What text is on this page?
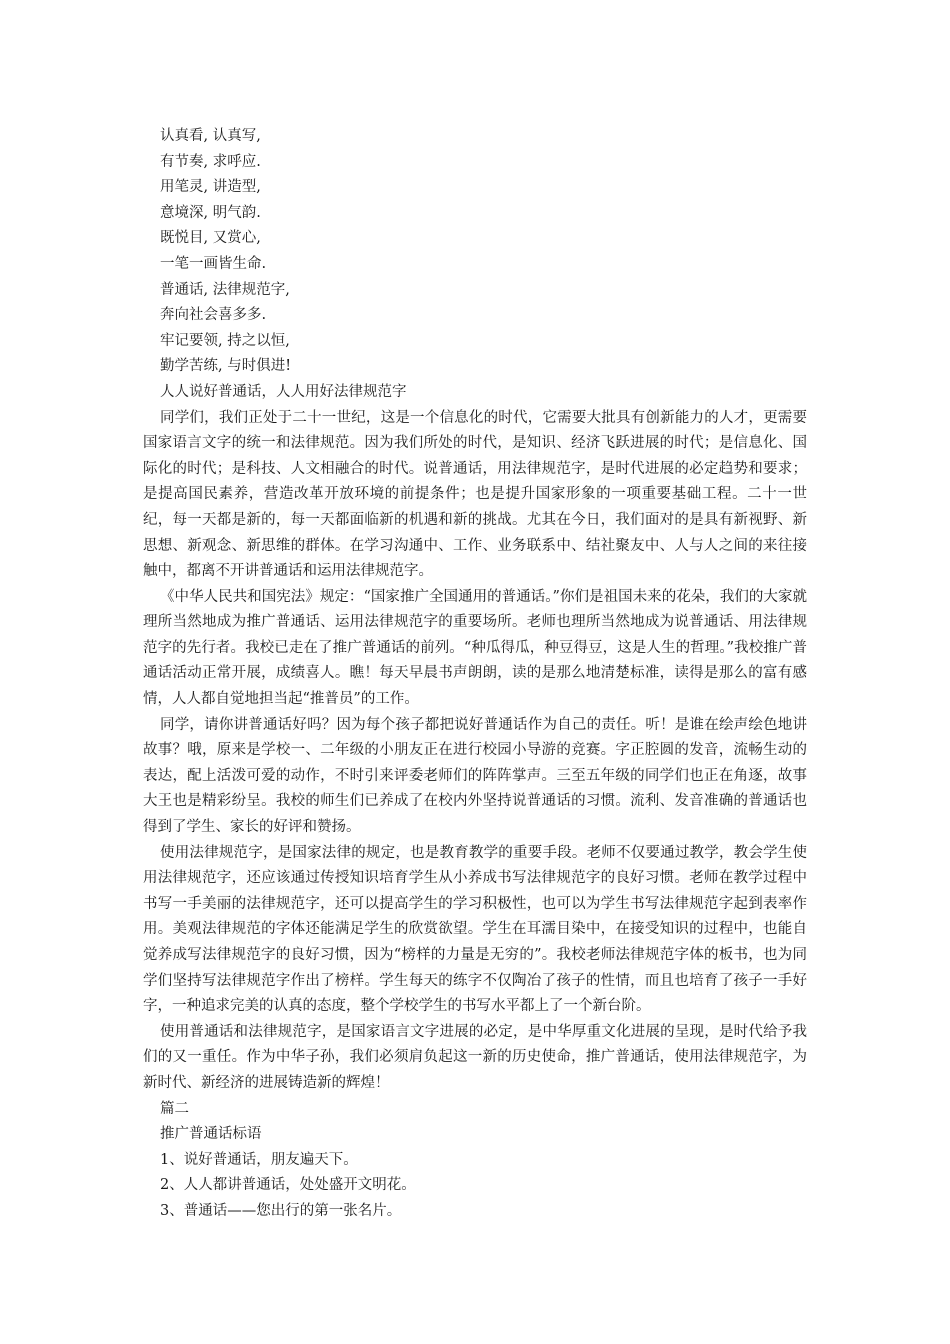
认真看, 认真写,
有节奏, 求呼应.
用笔灵, 讲造型,
意境深, 明气韵.
既悦目, 又赏心,
一笔一画皆生命.
普通话, 法律规范字,
奔向社会喜多多.
牢记要领, 持之以恒,
勤学苦练, 与时俱进!
人人说好普通话，人人用好法律规范字

同学们，我们正处于二十一世纪，这是一个信息化的时代，它需要大批具有创新能力的人才，更需要国家语言文字的统一和法律规范。因为我们所处的时代，是知识、经济飞跃进展的时代；是信息化、国际化的时代；是科技、人文相融合的时代。说普通话，用法律规范字，是时代进展的必定趋势和要求；是提高国民素养，营造改革开放环境的前提条件；也是提升国家形象的一项重要基础工程。二十一世纪，每一天都是新的，每一天都面临新的机遇和新的挑战。尤其在今日，我们面对的是具有新视野、新思想、新观念、新思维的群体。在学习沟通中、工作、业务联系中、结社聚友中、人与人之间的来往接触中，都离不开讲普通话和运用法律规范字。

《中华人民共和国宪法》规定：“国家推广全国通用的普通话。”你们是祖国未来的花朵，我们的大家就理所当然地成为推广普通话、运用法律规范字的重要场所。老师也理所当然地成为说普通话、用法律规范字的先行者。我校已走在了推广普通话的前列。“种瓜得瓜，种豆得豆，这是人生的哲理。”我校推广普通话活动正常开展，成绩喜人。瞧！每天早晨书声朗朗，读的是那么地清楚标准，读得是那么的富有感情，人人都自觉地担当起“推普员”的工作。

同学，请你讲普通话好吗？因为每个孩子都把说好普通话作为自己的责任。听！是谁在绘声绘色地讲故事？哦，原来是学校一、二年级的小朋友正在进行校园小导游的竞赛。字正腔圆的发音，流畅生动的表达，配上活泼可爱的动作，不时引来评委老师们的阵阵掌声。三至五年级的同学们也正在角逐，故事大王也是精彩纷呈。我校的师生们已养成了在校内外坚持说普通话的习惯。流利、发音准确的普通话也得到了学生、家长的好评和赞扬。

使用法律规范字，是国家法律的规定，也是教育教学的重要手段。老师不仅要通过教学，教会学生使用法律规范字，还应该通过传授知识培育学生从小养成书写法律规范字的良好习惯。老师在教学过程中书写一手美丽的法律规范字，还可以提高学生的学习积极性，也可以为学生书写法律规范字起到表率作用。美观法律规范的字体还能满足学生的欣赏欲望。学生在耳濡目染中，在接受知识的过程中，也能自觉养成写法律规范字的良好习惯，因为“榜样的力量是无穷的”。我校老师法律规范字体的板书，也为同学们坚持写法律规范字作出了榜样。学生每天的练字不仅陶冶了孩子的性情，而且也培育了孩子一手好字，一种追求完美的认真的态度，整个学校学生的书写水平都上了一个新台阶。

使用普通话和法律规范字，是国家语言文字进展的必定，是中华厚重文化进展的呈现，是时代给予我们的又一重任。作为中华子孙，我们必须肩负起这一新的历史使命，推广普通话，使用法律规范字，为新时代、新经济的进展铸造新的辉煌！

篇二
推广普通话标语
1、说好普通话，朋友遍天下。
2、人人都讲普通话，处处盛开文明花。
3、普通话——您出行的第一张名片。
